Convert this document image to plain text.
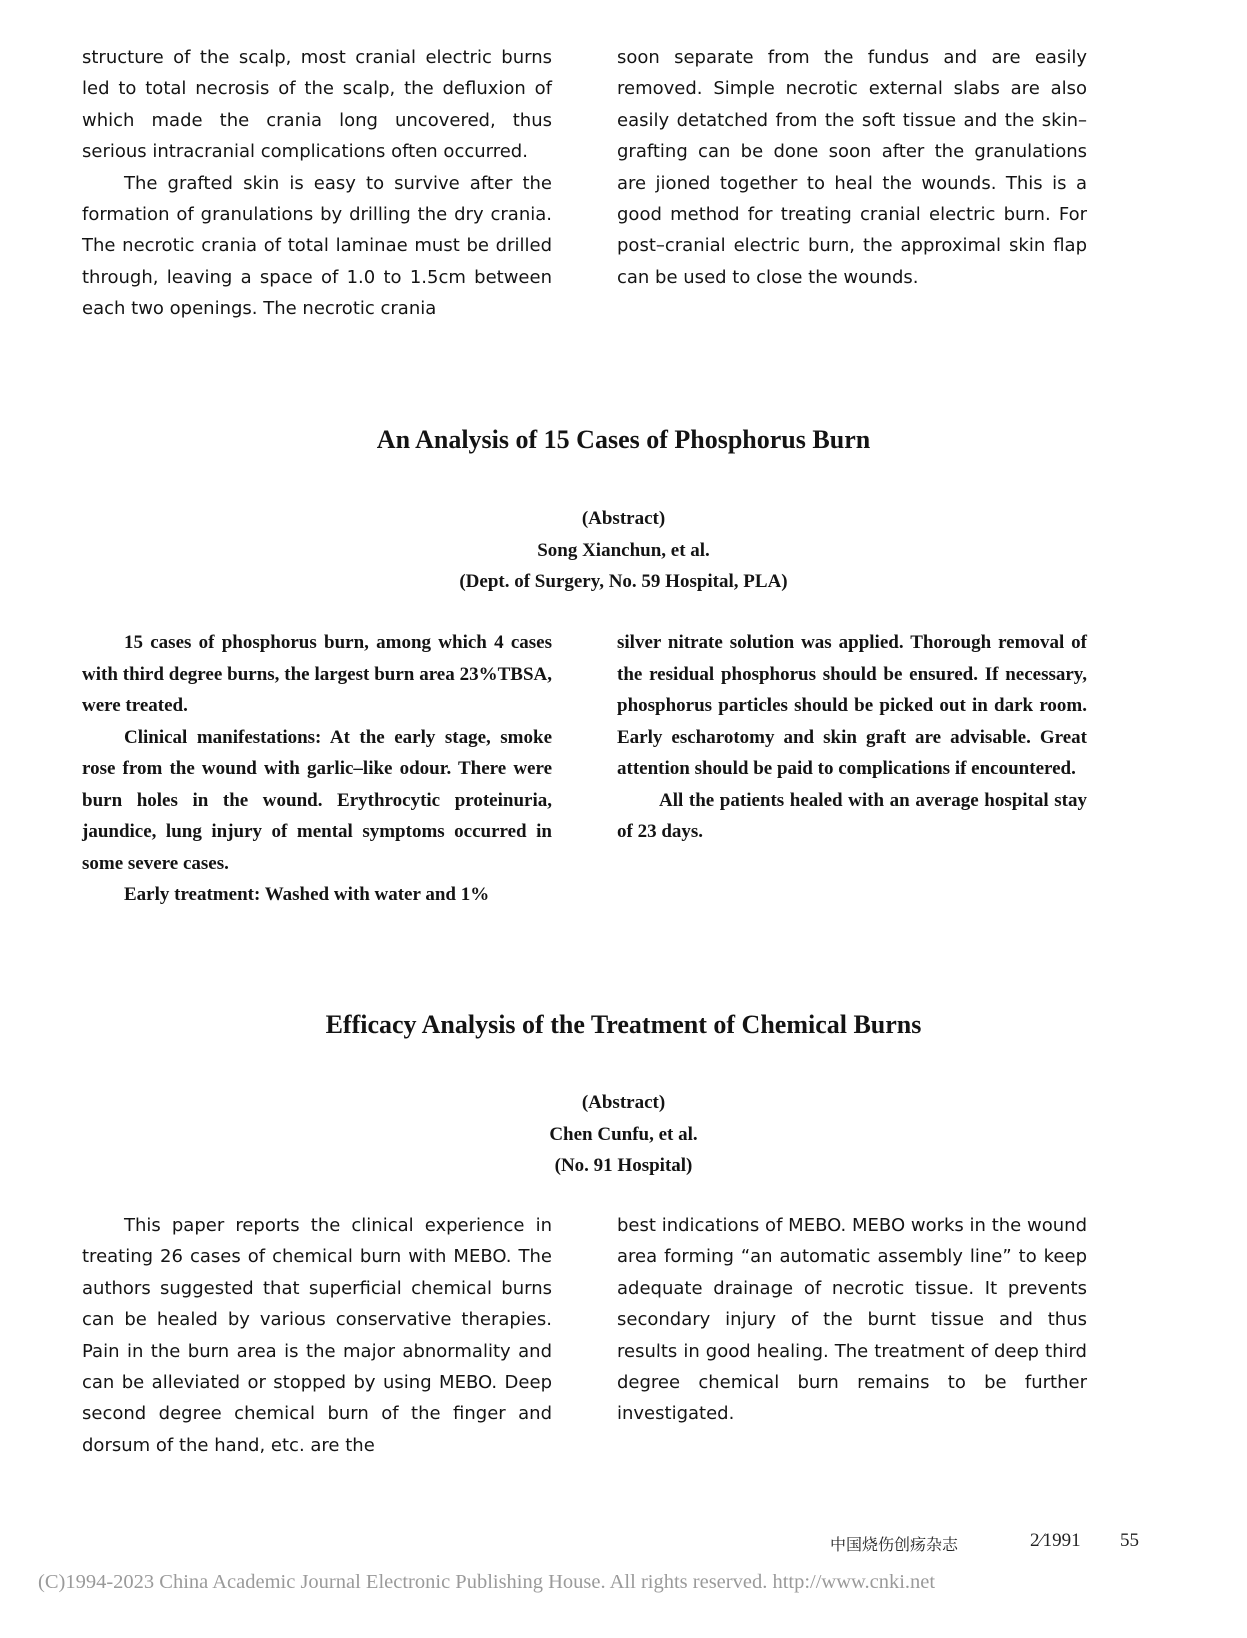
structure of the scalp, most cranial electric burns led to total necrosis of the scalp, the defluxion of which made the crania long uncovered, thus serious intracranial complications often occurred.

The grafted skin is easy to survive after the formation of granulations by drilling the dry crania. The necrotic crania of total laminae must be drilled through, leaving a space of 1.0 to 1.5cm between each two openings. The necrotic crania

soon separate from the fundus and are easily removed. Simple necrotic external slabs are also easily detatched from the soft tissue and the skin–grafting can be done soon after the granulations are jioned together to heal the wounds. This is a good method for treating cranial electric burn. For post–cranial electric burn, the approximal skin flap can be used to close the wounds.

An Analysis of 15 Cases of Phosphorus Burn
(Abstract)
Song Xianchun, et al.
(Dept. of Surgery, No. 59 Hospital, PLA)

15 cases of phosphorus burn, among which 4 cases with third degree burns, the largest burn area 23%TBSA, were treated.

Clinical manifestations: At the early stage, smoke rose from the wound with garlic–like odour. There were burn holes in the wound. Erythrocytic proteinuria, jaundice, lung injury of mental symptoms occurred in some severe cases.

Early treatment: Washed with water and 1%

silver nitrate solution was applied. Thorough removal of the residual phosphorus should be ensured. If necessary, phosphorus particles should be picked out in dark room. Early escharotomy and skin graft are advisable. Great attention should be paid to complications if encountered.

All the patients healed with an average hospital stay of 23 days.

Efficacy Analysis of the Treatment of Chemical Burns
(Abstract)
Chen Cunfu, et al.
(No. 91 Hospital)

This paper reports the clinical experience in treating 26 cases of chemical burn with MEBO. The authors suggested that superficial chemical burns can be healed by various conservative therapies. Pain in the burn area is the major abnormality and can be alleviated or stopped by using MEBO. Deep second degree chemical burn of the finger and dorsum of the hand, etc. are the

best indications of MEBO. MEBO works in the wound area forming “an automatic assembly line” to keep adequate drainage of necrotic tissue. It prevents secondary injury of the burnt tissue and thus results in good healing. The treatment of deep third degree chemical burn remains to be further investigated.

中国烧伤创疡杂志	2⁄1991 55
(C)1994-2023 China Academic Journal Electronic Publishing House. All rights reserved. http://www.cnki.net
